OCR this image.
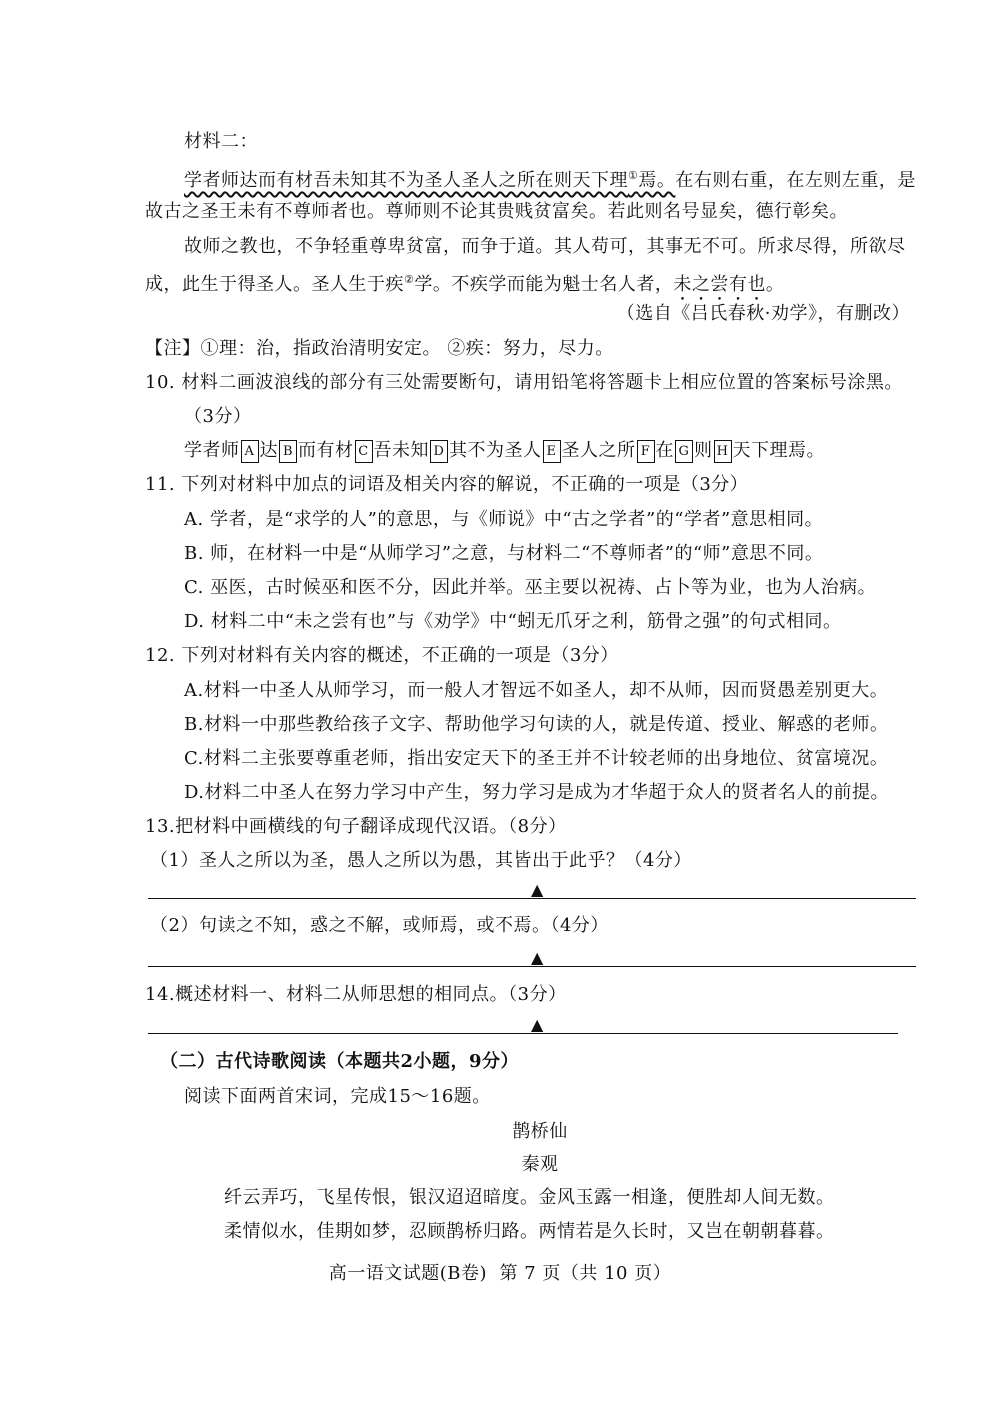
材料二：
学者师达而有材吾未知其不为圣人圣人之所在则天下理①焉。在右则右重，在左则左重，是
故古之圣王未有不尊师者也。尊师则不论其贵贱贫富矣。若此则名号显矣，德行彰矣。
故师之教也，不争轻重尊卑贫富，而争于道。其人苟可，其事无不可。所求尽得，所欲尽
成，此生于得圣人。圣人生于疾②学。不疾学而能为魁士名人者，未之尝有也。
（选自《吕氏春秋·劝学》，有删改）
【注】①理：治，指政治清明安定。 ②疾：努力，尽力。
10. 材料二画波浪线的部分有三处需要断句，请用铅笔将答题卡上相应位置的答案标号涂黑。
（3分）
学者师 A 达 B 而有材 C 吾未知 D 其不为圣人 E 圣人之所 F 在 G 则 H 天下理焉。
11. 下列对材料中加点的词语及相关内容的解说，不正确的一项是（3分）
A. 学者，是“求学的人”的意思，与《师说》中“古之学者”的“学者”意思相同。
B. 师，在材料一中是“从师学习”之意，与材料二“不尊师者”的“师”意思不同。
C. 巫医，古时候巫和医不分，因此并举。巫主要以祝祷、占卜等为业，也为人治病。
D. 材料二中“未之尝有也”与《劝学》中“蚓无爪牙之利，筋骨之强”的句式相同。
12. 下列对材料有关内容的概述，不正确的一项是（3分）
A.材料一中圣人从师学习，而一般人才智远不如圣人，却不从师，因而贤愚差别更大。
B.材料一中那些教给孩子文字、帮助他学习句读的人，就是传道、授业、解惑的老师。
C.材料二主张要尊重老师，指出安定天下的圣王并不计较老师的出身地位、贫富境况。
D.材料二中圣人在努力学习中产生，努力学习是成为才华超于众人的贤者名人的前提。
13.把材料中画横线的句子翻译成现代汉语。（8分）
（1）圣人之所以为圣，愚人之所以为愚，其皆出于此乎？（4分）
▲
（2）句读之不知，惑之不解，或师焉，或不焉。（4分）
▲
14.概述材料一、材料二从师思想的相同点。（3分）
▲
（二）古代诗歌阅读（本题共2小题，9分）
阅读下面两首宋词，完成15～16题。
鹊桥仙
秦观
纤云弄巧，飞星传恨，银汉迢迢暗度。金风玉露一相逢，便胜却人间无数。
柔情似水，佳期如梦，忍顾鹊桥归路。两情若是久长时，又岂在朝朝暮暮。
高一语文试题(B卷)  第 7 页（共 10 页）
